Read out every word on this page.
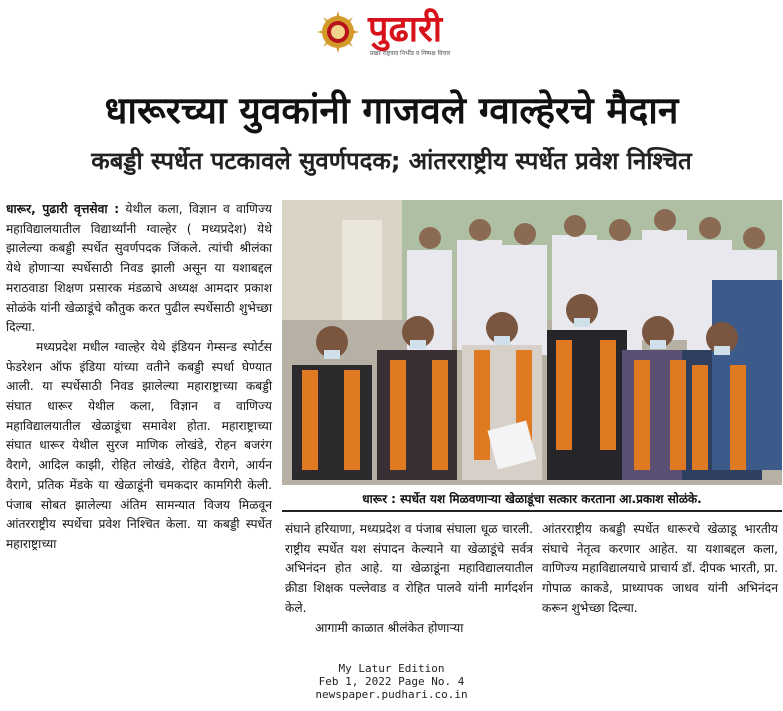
पुढारी
प्रखर राष्ट्रवाद निर्भीड व निष्पक्ष विचार
धारूरच्या युवकांनी गाजवले ग्वाल्हेरचे मैदान
कबड्डी स्पर्धेत पटकावले सुवर्णपदक; आंतरराष्ट्रीय स्पर्धेत प्रवेश निश्चित

धारूर, पुढारी वृत्तसेवा : येथील कला, विज्ञान व वाणिज्य महाविद्यालयातील विद्यार्थ्यांनी ग्वाल्हेर ( मध्यप्रदेश) येथे झालेल्या कबड्डी स्पर्धेत सुवर्णपदक जिंकले. त्यांची श्रीलंका येथे होणाऱ्या स्पर्धेसाठी निवड झाली असून या यशाबद्दल मराठवाडा शिक्षण प्रसारक मंडळाचे अध्यक्ष आमदार प्रकाश सोळंके यांनी खेळाडूंचे कौतुक करत पुढील स्पर्धेसाठी शुभेच्छा दिल्या.

मध्यप्रदेश मधील ग्वाल्हेर येथे इंडियन गेम्सन्ड स्पोर्टस फेडरेशन ऑफ इंडिया यांच्या वतीने कबड्डी स्पर्धा घेण्यात आली. या स्पर्धेसाठी निवड झालेल्या महाराष्ट्राच्या कबड्डी संघात धारूर येथील कला, विज्ञान व वाणिज्य महाविद्यालयातील खेळाडूंचा समावेश होता. महाराष्ट्राच्या संघात धारूर येथील सुरज माणिक लोखंडे, रोहन बजरंग वैरागे, आदिल काझी, रोहित लोखंडे, रोहित वैरागे, आर्यन वैरागे, प्रतिक मेंडके या खेळाडूंनी चमकदार कामगिरी केली. पंजाब सोबत झालेल्या अंतिम सामन्यात विजय मिळवून आंतरराष्ट्रीय स्पर्धेचा प्रवेश निश्चित केला. या कबड्डी स्पर्धेत महाराष्ट्राच्या

धारूर : स्पर्धेत यश मिळवणाऱ्या खेळाडूंचा सत्कार करताना आ.प्रकाश सोळंके.

संघाने हरियाणा, मध्यप्रदेश व पंजाब संघाला धूळ चारली. राष्ट्रीय स्पर्धेत यश संपादन केल्याने या खेळाडूंचे सर्वत्र अभिनंदन होत आहे. या खेळाडूंना महाविद्यालयातील क्रीडा शिक्षक पल्लेवाड व रोहित पालवे यांनी मार्गदर्शन केले.

आगामी काळात श्रीलंकेत होणाऱ्या

आंतरराष्ट्रीय कबड्डी स्पर्धेत धारूरचे खेळाडू भारतीय संघाचे नेतृत्व करणार आहेत. या यशाबद्दल कला, वाणिज्य महाविद्यालयाचे प्राचार्य डॉ. दीपक भारती, प्रा. गोपाळ काकडे, प्राध्यापक जाधव यांनी अभिनंदन करून शुभेच्छा दिल्या.

My Latur Edition
Feb 1, 2022 Page No. 4
newspaper.pudhari.co.in
